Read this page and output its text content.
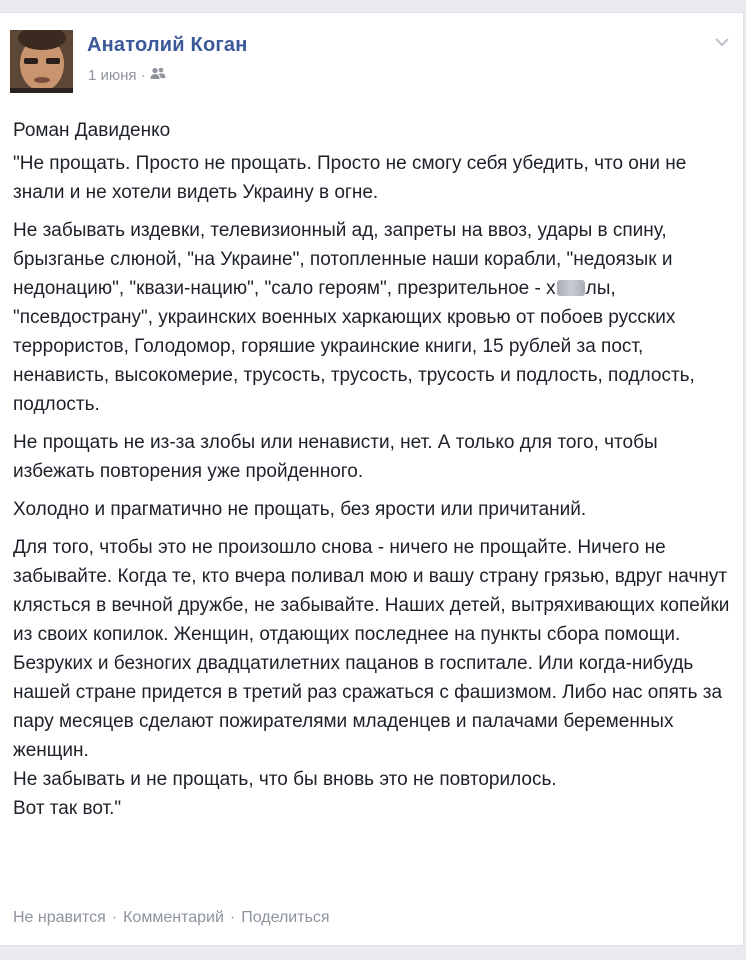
Анатолий Коган
1 июня ·

Роман Давиденко

"Не прощать. Просто не прощать. Просто не смогу себя убедить, что они не знали и не хотели видеть Украину в огне.

Не забывать издевки, телевизионный ад, запреты на ввоз, удары в спину, брызганье слюной, "на Украине", потопленные наши корабли, "недоязык и недонацию", "квази-нацию", "сало героям", презрительное - х лы, "псевдострану", украинских военных харкающих кровью от побоев русских террористов, Голодомор, горяшие украинские книги, 15 рублей за пост, ненависть, высокомерие, трусость, трусость, трусость и подлость, подлость, подлость.

Не прощать не из-за злобы или ненависти, нет. А только для того, чтобы избежать повторения уже пройденного.

Холодно и прагматично не прощать, без ярости или причитаний.

Для того, чтобы это не произошло снова - ничего не прощайте. Ничего не забывайте. Когда те, кто вчера поливал мою и вашу страну грязью, вдруг начнут клясться в вечной дружбе, не забывайте. Наших детей, вытряхивающих копейки из своих копилок. Женщин, отдающих последнее на пункты сбора помощи. Безруких и безногих двадцатилетних пацанов в госпитале. Или когда-нибудь нашей стране придется в третий раз сражаться с фашизмом. Либо нас опять за пару месяцев сделают пожирателями младенцев и палачами беременных женщин.

Не забывать и не прощать, что бы вновь это не повторилось.

Вот так вот."

Не нравится · Комментарий · Поделиться
